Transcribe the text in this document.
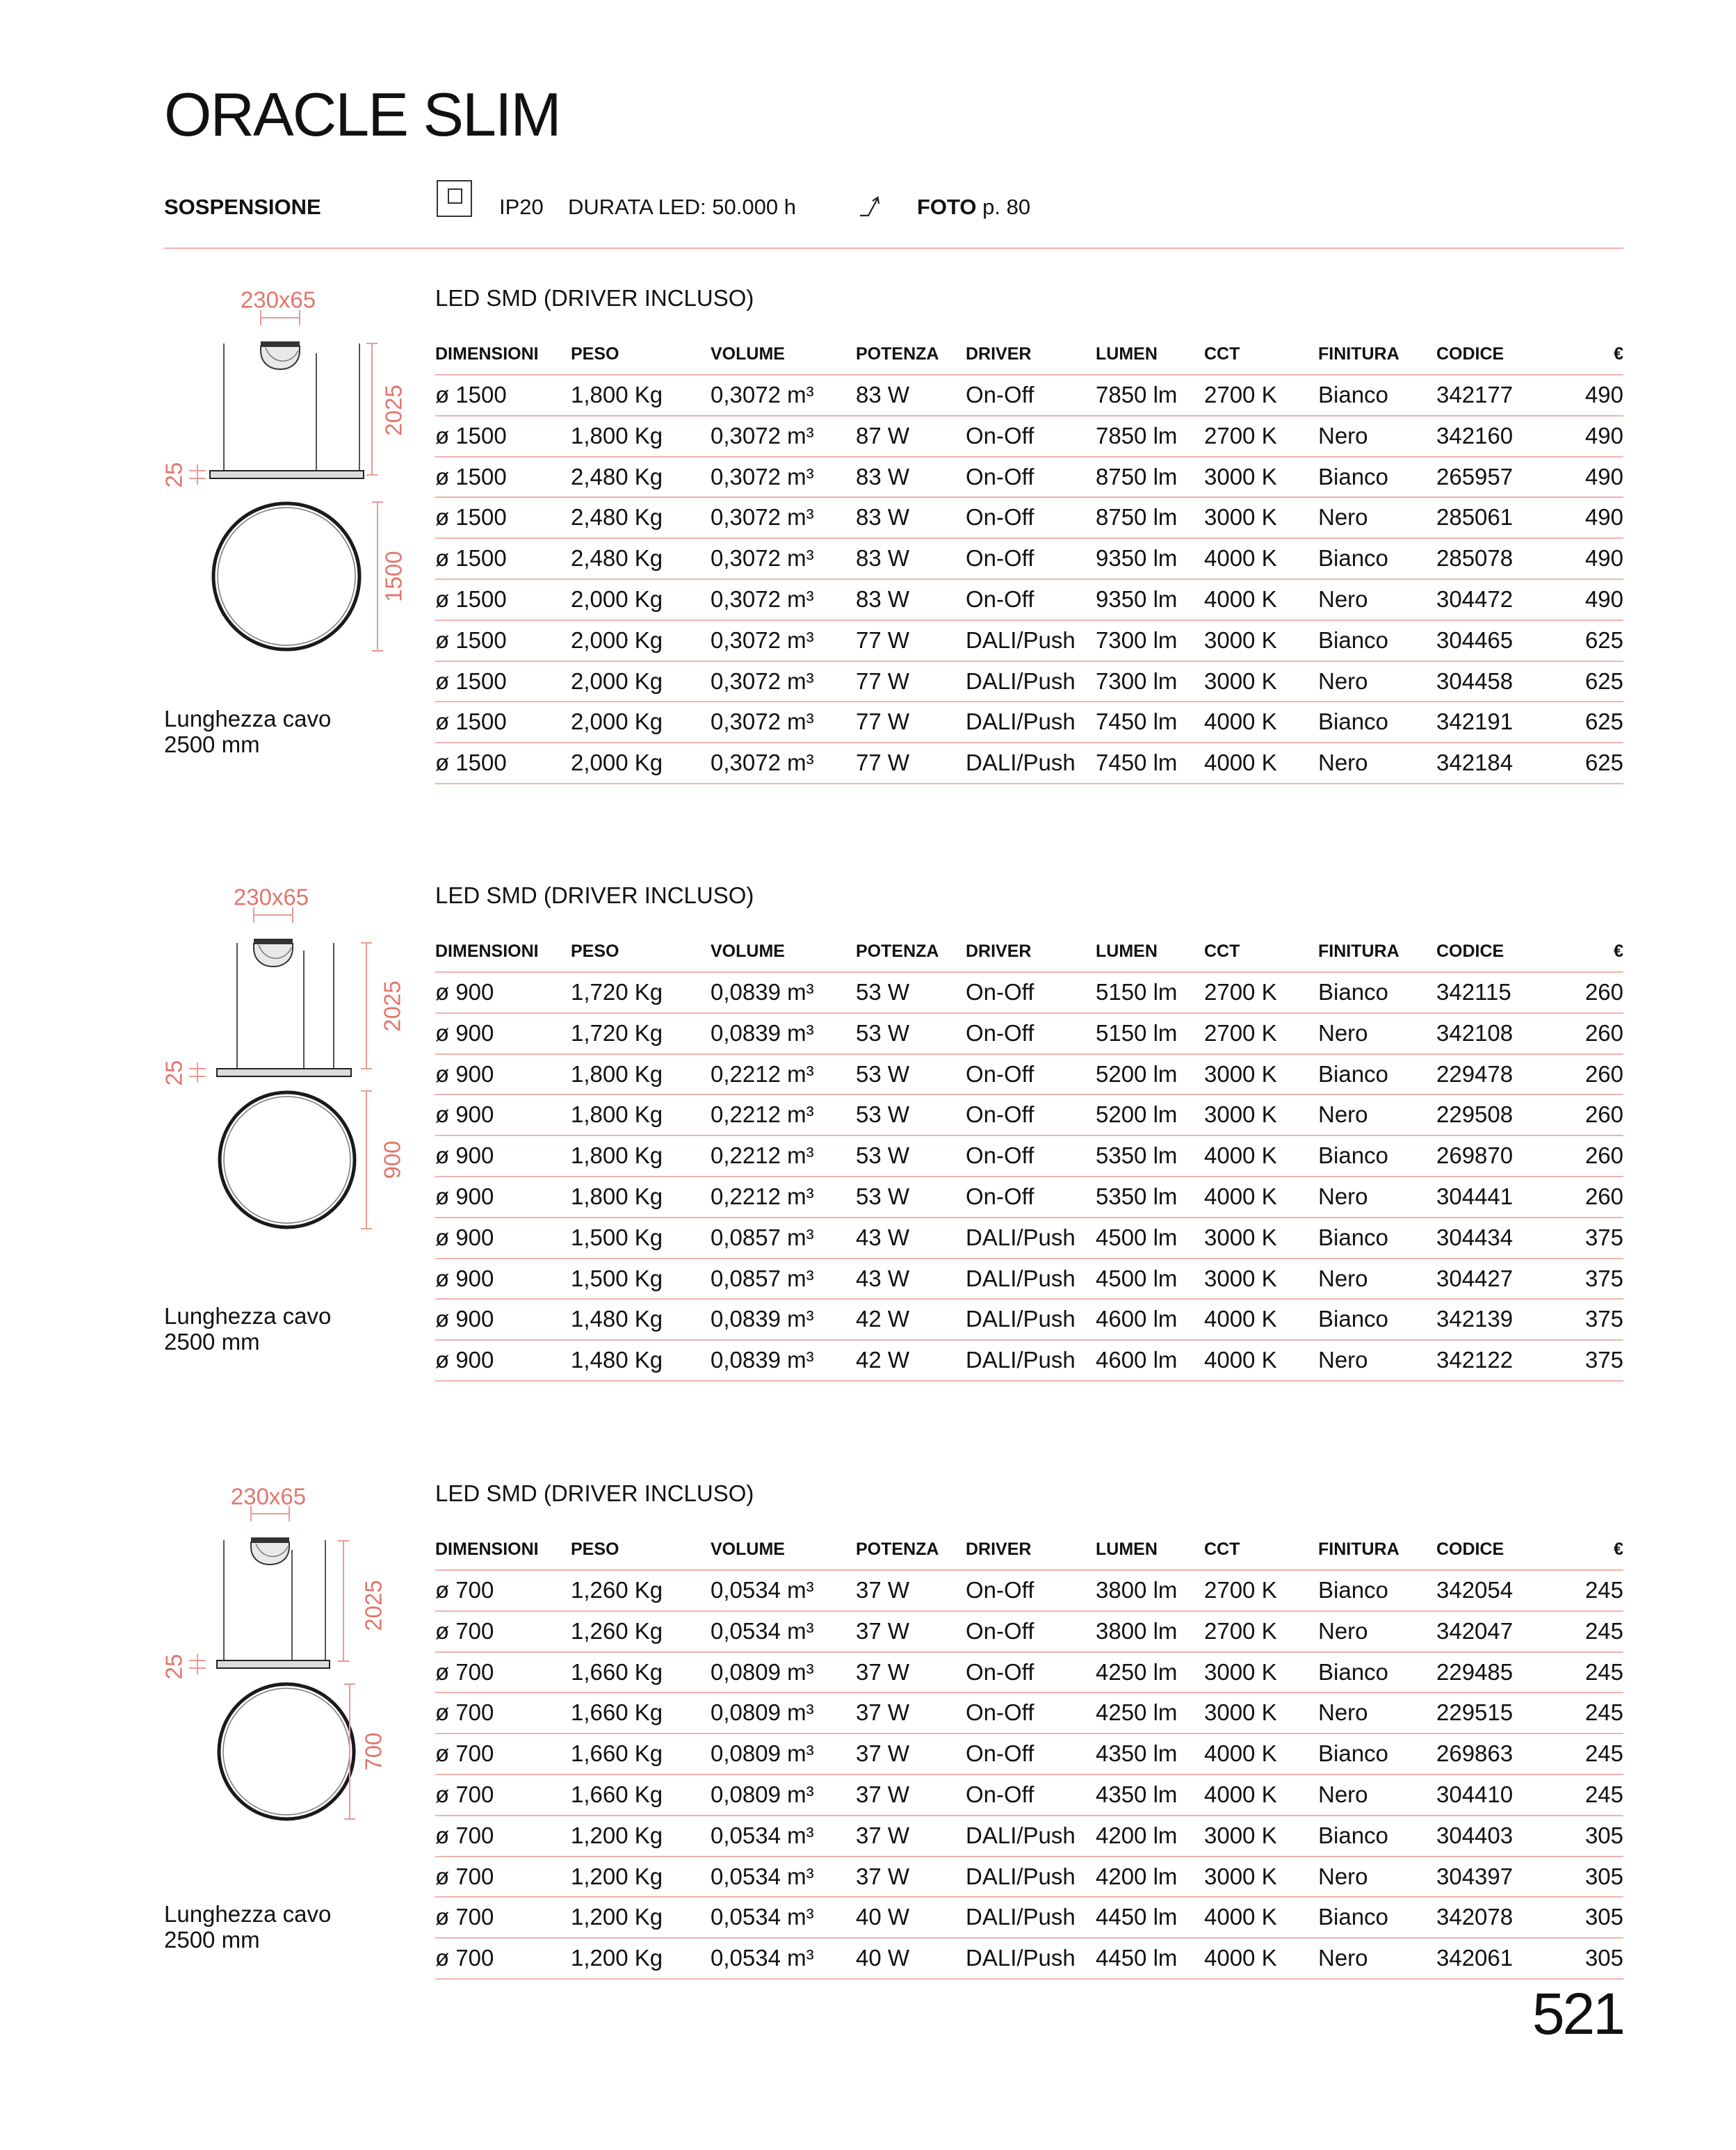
ORACLE SLIM
SOSPENSIONE	IP20 DURATA LED: 50.000 h	FOTO p. 80
LED SMD (DRIVER INCLUSO)
DIMENSIONI	PESO	VOLUME	POTENZA	DRIVER	LUMEN	CCT	FINITURA	CODICE	€
ø 1500	1,800 Kg	0,3072 m³	83 W	On-Off	7850 lm	2700 K	Bianco	342177	490
ø 1500	1,800 Kg	0,3072 m³	87 W	On-Off	7850 lm	2700 K	Nero	342160	490
ø 1500	2,480 Kg	0,3072 m³	83 W	On-Off	8750 lm	3000 K	Bianco	265957	490
ø 1500	2,480 Kg	0,3072 m³	83 W	On-Off	8750 lm	3000 K	Nero	285061	490
ø 1500	2,480 Kg	0,3072 m³	83 W	On-Off	9350 lm	4000 K	Bianco	285078	490
ø 1500	2,000 Kg	0,3072 m³	83 W	On-Off	9350 lm	4000 K	Nero	304472	490
ø 1500	2,000 Kg	0,3072 m³	77 W	DALI/Push 7300 lm	3000 K	Bianco	304465	625
ø 1500	2,000 Kg	0,3072 m³	77 W	DALI/Push 7300 lm	3000 K	Nero	304458	625
ø 1500	2,000 Kg	0,3072 m³	77 W	DALI/Push 7450 lm	4000 K	Bianco	342191	625
ø 1500	2,000 Kg	0,3072 m³	77 W	DALI/Push 7450 lm	4000 K	Nero	342184	625
230x65
25
2025
1500
Lunghezza cavo
2500 mm
LED SMD (DRIVER INCLUSO)
DIMENSIONI	PESO	VOLUME	POTENZA	DRIVER	LUMEN	CCT	FINITURA	CODICE	€
ø 900	1,720 Kg	0,0839 m³	53 W	On-Off	5150 lm	2700 K	Bianco	342115	260
ø 900	1,720 Kg	0,0839 m³	53 W	On-Off	5150 lm	2700 K	Nero	342108	260
ø 900	1,800 Kg	0,2212 m³	53 W	On-Off	5200 lm	3000 K	Bianco	229478	260
ø 900	1,800 Kg	0,2212 m³	53 W	On-Off	5200 lm	3000 K	Nero	229508	260
ø 900	1,800 Kg	0,2212 m³	53 W	On-Off	5350 lm	4000 K	Bianco	269870	260
ø 900	1,800 Kg	0,2212 m³	53 W	On-Off	5350 lm	4000 K	Nero	304441	260
ø 900	1,500 Kg	0,0857 m³	43 W	DALI/Push 4500 lm	3000 K	Bianco	304434	375
ø 900	1,500 Kg	0,0857 m³	43 W	DALI/Push 4500 lm	3000 K	Nero	304427	375
ø 900	1,480 Kg	0,0839 m³	42 W	DALI/Push 4600 lm	4000 K	Bianco	342139	375
ø 900	1,480 Kg	0,0839 m³	42 W	DALI/Push 4600 lm	4000 K	Nero	342122	375
230x65
25
2025
900
Lunghezza cavo
2500 mm
LED SMD (DRIVER INCLUSO)
DIMENSIONI	PESO	VOLUME	POTENZA	DRIVER	LUMEN	CCT	FINITURA	CODICE	€
ø 700	1,260 Kg	0,0534 m³	37 W	On-Off	3800 lm	2700 K	Bianco	342054	245
ø 700	1,260 Kg	0,0534 m³	37 W	On-Off	3800 lm	2700 K	Nero	342047	245
ø 700	1,660 Kg	0,0809 m³	37 W	On-Off	4250 lm	3000 K	Bianco	229485	245
ø 700	1,660 Kg	0,0809 m³	37 W	On-Off	4250 lm	3000 K	Nero	229515	245
ø 700	1,660 Kg	0,0809 m³	37 W	On-Off	4350 lm	4000 K	Bianco	269863	245
ø 700	1,660 Kg	0,0809 m³	37 W	On-Off	4350 lm	4000 K	Nero	304410	245
ø 700	1,200 Kg	0,0534 m³	37 W	DALI/Push 4200 lm	3000 K	Bianco	304403	305
ø 700	1,200 Kg	0,0534 m³	37 W	DALI/Push 4200 lm	3000 K	Nero	304397	305
ø 700	1,200 Kg	0,0534 m³	40 W	DALI/Push 4450 lm	4000 K	Bianco	342078	305
ø 700	1,200 Kg	0,0534 m³	40 W	DALI/Push 4450 lm	4000 K	Nero	342061	305
230x65
25
2025
700
Lunghezza cavo
2500 mm
521
